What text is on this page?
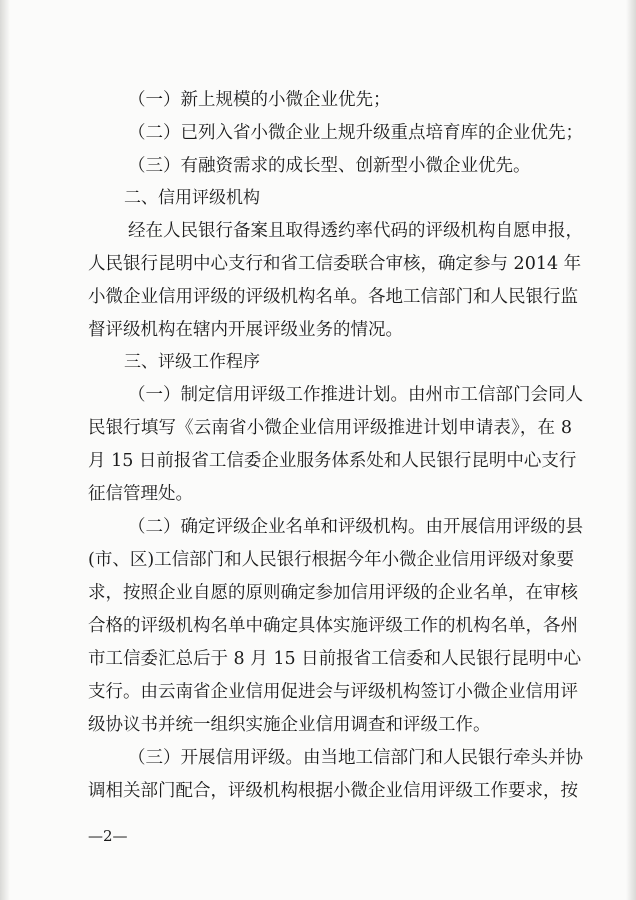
（一）新上规模的小微企业优先；
（二）已列入省小微企业上规升级重点培育库的企业优先；
（三）有融资需求的成长型、创新型小微企业优先。
二、信用评级机构
经在人民银行备案且取得透约率代码的评级机构自愿申报，
人民银行昆明中心支行和省工信委联合审核，确定参与 2014 年
小微企业信用评级的评级机构名单。各地工信部门和人民银行监
督评级机构在辖内开展评级业务的情况。
三、评级工作程序
（一）制定信用评级工作推进计划。由州市工信部门会同人
民银行填写《云南省小微企业信用评级推进计划申请表》，在 8
月 15 日前报省工信委企业服务体系处和人民银行昆明中心支行
征信管理处。
（二）确定评级企业名单和评级机构。由开展信用评级的县
(市、区)工信部门和人民银行根据今年小微企业信用评级对象要
求，按照企业自愿的原则确定参加信用评级的企业名单，在审核
合格的评级机构名单中确定具体实施评级工作的机构名单，各州
市工信委汇总后于 8 月 15 日前报省工信委和人民银行昆明中心
支行。由云南省企业信用促进会与评级机构签订小微企业信用评
级协议书并统一组织实施企业信用调查和评级工作。
（三）开展信用评级。由当地工信部门和人民银行牵头并协
调相关部门配合，评级机构根据小微企业信用评级工作要求，按
—2—
